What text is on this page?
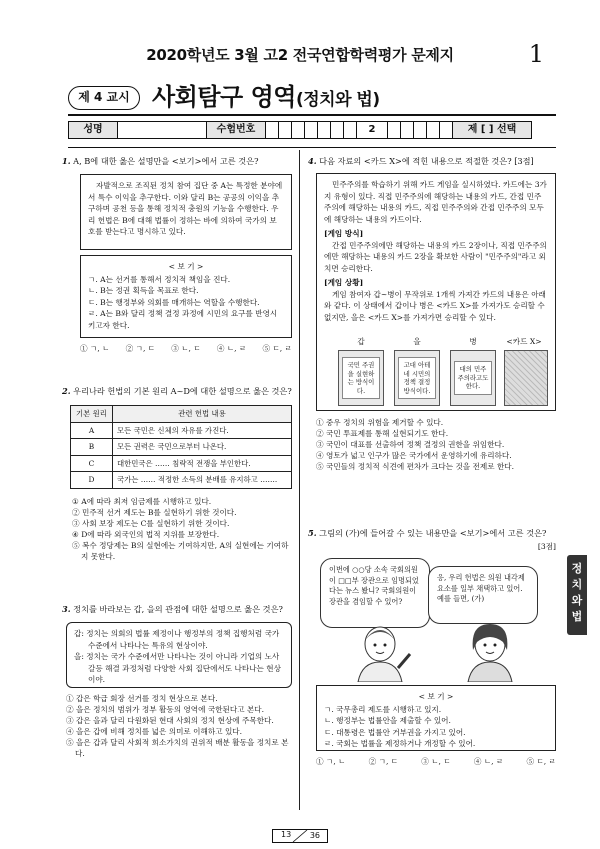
2020학년도 3월 고2 전국연합학력평가 문제지	1
제 4 교시 사회탐구 영역(정치와 법)
성명	수험번호	2	제 [ ] 선택
1. A, B에 대한 옳은 설명만을 <보기>에서 고른 것은?
자발적으로 조직된 정치 참여 집단 중 A는 특정한 분야에서 특수 이익을 추구한다. 이와 달리 B는 공공의 이익을 추구하며 공천 등을 통해 정치적 충원의 기능을 수행한다. 우리 헌법은 B에 대해 법률이 정하는 바에 의하여 국가의 보호를 받는다고 명시하고 있다.
< 보 기 >
ㄱ. A는 선거를 통해서 정치적 책임을 진다.
ㄴ. B는 정권 획득을 목표로 한다.
ㄷ. B는 행정부와 의회를 매개하는 역할을 수행한다.
ㄹ. A는 B와 달리 정책 결정 과정에 시민의 요구를 반영시키고자 한다.
① ㄱ, ㄴ ② ㄱ, ㄷ ③ ㄴ, ㄷ ④ ㄴ, ㄹ ⑤ ㄷ, ㄹ
2. 우리나라 헌법의 기본 원리 A~D에 대한 설명으로 옳은 것은?
기본 원리	관련 헌법 내용
A	모든 국민은 신체의 자유를 가진다.
B	모든 권력은 국민으로부터 나온다.
C	대한민국은 …… 침략적 전쟁을 부인한다.
D	국가는 …… 적정한 소득의 분배를 유지하고 …….
① A에 따라 최저 임금제를 시행하고 있다.
② 민주적 선거 제도는 B를 실현하기 위한 것이다.
③ 사회 보장 제도는 C를 실현하기 위한 것이다.
④ D에 따라 외국인의 법적 지위를 보장한다.
⑤ 복수 정당제는 B의 실현에는 기여하지만, A의 실현에는 기여하지 못한다.
3. 정치를 바라보는 갑, 을의 관점에 대한 설명으로 옳은 것은?
갑: 정치는 의회의 법률 제정이나 행정부의 정책 집행처럼 국가 수준에서 나타나는 특유의 현상이야.
을: 정치는 국가 수준에서만 나타나는 것이 아니라 기업의 노사 갈등 해결 과정처럼 다양한 사회 집단에서도 나타나는 현상이야.
① 갑은 학급 회장 선거를 정치 현상으로 본다.
② 을은 정치의 범위가 정부 활동의 영역에 국한된다고 본다.
③ 갑은 을과 달리 다원화된 현대 사회의 정치 현상에 주목한다.
④ 을은 갑에 비해 정치를 넓은 의미로 이해하고 있다.
⑤ 을은 갑과 달리 사회적 희소가치의 권위적 배분 활동을 정치로 본다.
4. 다음 자료의 <카드 X>에 적힌 내용으로 적절한 것은? [3점]
민주주의를 학습하기 위해 카드 게임을 실시하였다. 카드에는 3가지 유형이 있다. 직접 민주주의에 해당하는 내용의 카드, 간접 민주주의에 해당하는 내용의 카드, 직접 민주주의와 간접 민주주의 모두에 해당하는 내용의 카드이다.
[게임 방식]
간접 민주주의에만 해당하는 내용의 카드 2장이나, 직접 민주주의에만 해당하는 내용의 카드 2장을 확보한 사람이 "민주주의"라고 외치면 승리한다.
[게임 상황]
게임 참여자 갑~병이 무작위로 1개씩 가져간 카드의 내용은 아래와 같다. 이 상태에서 갑이나 병은 <카드 X>를 가져가도 승리할 수 없지만, 을은 <카드 X>를 가져가면 승리할 수 있다.
갑	을	병	<카드 X>
국민 주권을 실현하는 방식이다.
고대 아테네 시민의 정책 결정 방식이다.
대의 민주주의라고도 한다.
① 중우 정치의 위험을 제거할 수 있다.
② 국민 투표제를 통해 실현되기도 한다.
③ 국민이 대표를 선출하여 정책 결정의 권한을 위임한다.
④ 영토가 넓고 인구가 많은 국가에서 운영하기에 유리하다.
⑤ 국민들의 정치적 식견에 편차가 크다는 것을 전제로 한다.
5. 그림의 (가)에 들어갈 수 있는 내용만을 <보기>에서 고른 것은?
[3점]
이번에 ○○당 소속 국회의원이 □□부 장관으로 임명되었다는 뉴스 봤니? 국회의원이 장관을 겸임할 수 있어?
응, 우리 헌법은 의원 내각제 요소를 일부 채택하고 있어. 예를 들면, (가)
< 보 기 >
ㄱ. 국무총리 제도를 시행하고 있지.
ㄴ. 행정부는 법률안을 제출할 수 있어.
ㄷ. 대통령은 법률안 거부권을 가지고 있어.
ㄹ. 국회는 법률을 제정하거나 개정할 수 있어.
① ㄱ, ㄴ	② ㄱ, ㄷ	③ ㄴ, ㄷ	④ ㄴ, ㄹ	⑤ ㄷ, ㄹ
정치와 법
13 36
